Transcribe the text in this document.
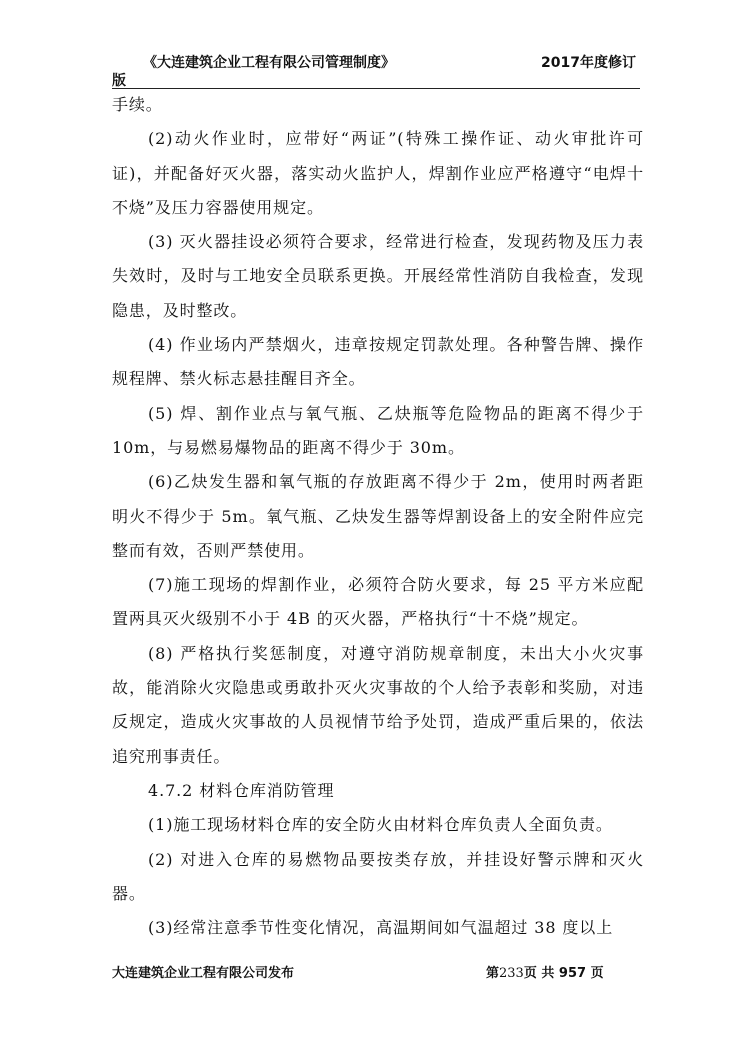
《大连建筑企业工程有限公司管理制度》	2017年度修订
版

手续。

(2)动火作业时，应带好“两证”(特殊工操作证、动火审批许可证)，并配备好灭火器，落实动火监护人，焊割作业应严格遵守“电焊十不烧”及压力容器使用规定。

(3) 灭火器挂设必须符合要求，经常进行检查，发现药物及压力表失效时，及时与工地安全员联系更换。开展经常性消防自我检查，发现隐患，及时整改。

(4) 作业场内严禁烟火，违章按规定罚款处理。各种警告牌、操作规程牌、禁火标志悬挂醒目齐全。

(5) 焊、割作业点与氧气瓶、乙炔瓶等危险物品的距离不得少于 10m，与易燃易爆物品的距离不得少于 30m。

(6)乙炔发生器和氧气瓶的存放距离不得少于 2m，使用时两者距明火不得少于 5m。氧气瓶、乙炔发生器等焊割设备上的安全附件应完整而有效，否则严禁使用。

(7)施工现场的焊割作业，必须符合防火要求，每 25 平方米应配置两具灭火级别不小于 4B 的灭火器，严格执行“十不烧”规定。

(8) 严格执行奖惩制度，对遵守消防规章制度，未出大小火灾事故，能消除火灾隐患或勇敢扑灭火灾事故的个人给予表彰和奖励，对违反规定，造成火灾事故的人员视情节给予处罚，造成严重后果的，依法追究刑事责任。

4.7.2 材料仓库消防管理

(1)施工现场材料仓库的安全防火由材料仓库负责人全面负责。

(2) 对进入仓库的易燃物品要按类存放，并挂设好警示牌和灭火器。

(3)经常注意季节性变化情况，高温期间如气温超过 38 度以上

大连建筑企业工程有限公司发布	第233页 共 957 页
